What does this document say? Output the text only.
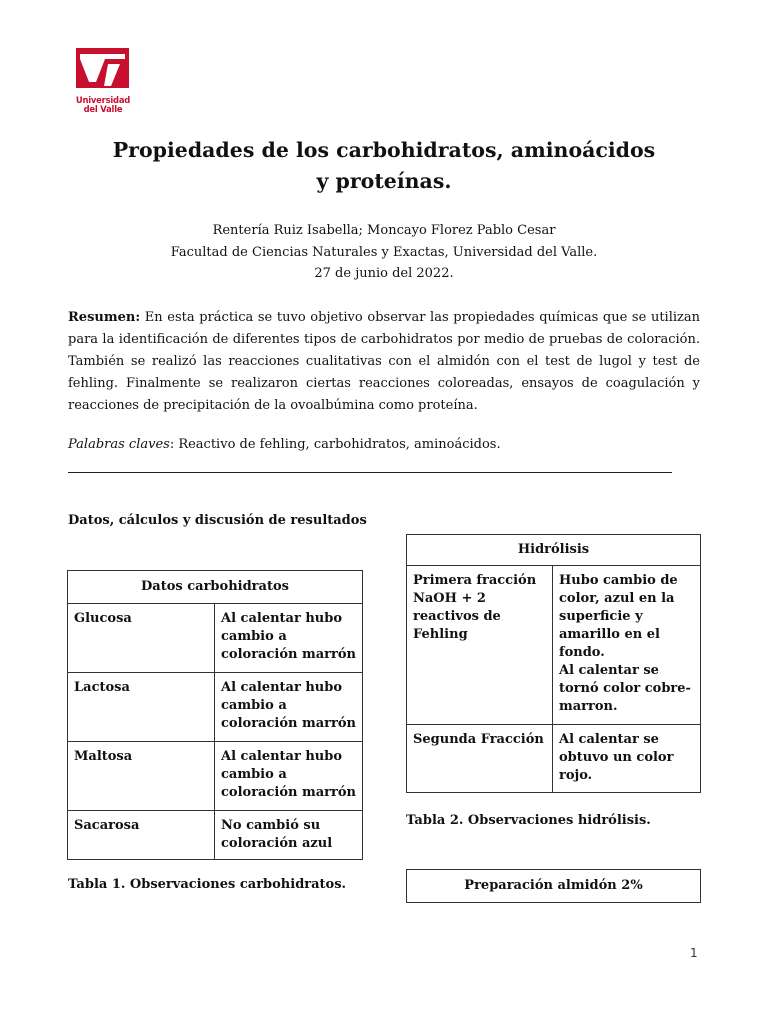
Universidad
del Valle
Propiedades de los carbohidratos, aminoácidos y proteínas.
Rentería Ruiz Isabella; Moncayo Florez Pablo Cesar
Facultad de Ciencias Naturales y Exactas, Universidad del Valle.
27 de junio del 2022.
Resumen: En esta práctica se tuvo objetivo observar las propiedades químicas que se utilizan para la identificación de diferentes tipos de carbohidratos por medio de pruebas de coloración. También se realizó las reacciones cualitativas con el almidón con el test de lugol y test de fehling. Finalmente se realizaron ciertas reacciones coloreadas, ensayos de coagulación y reacciones de precipitación de la ovoalbúmina como proteína.
Palabras claves: Reactivo de fehling, carbohidratos, aminoácidos.
Datos, cálculos y discusión de resultados
Datos carbohidratos	
Glucosa	Al calentar hubo cambio a coloración marrón
Lactosa	Al calentar hubo cambio a coloración marrón
Maltosa	Al calentar hubo cambio a coloración marrón
Sacarosa	No cambió su coloración azul
Tabla 1. Observaciones carbohidratos.
Hidrólisis	
Primera fracción NaOH + 2 reactivos de Fehling	Hubo cambio de color, azul en la superficie y amarillo en el fondo.
Al calentar se tornó color cobre-marron.

Segunda Fracción	Al calentar se obtuvo un color rojo.
Tabla 2. Observaciones hidrólisis.
Preparación almidón 2%
1
